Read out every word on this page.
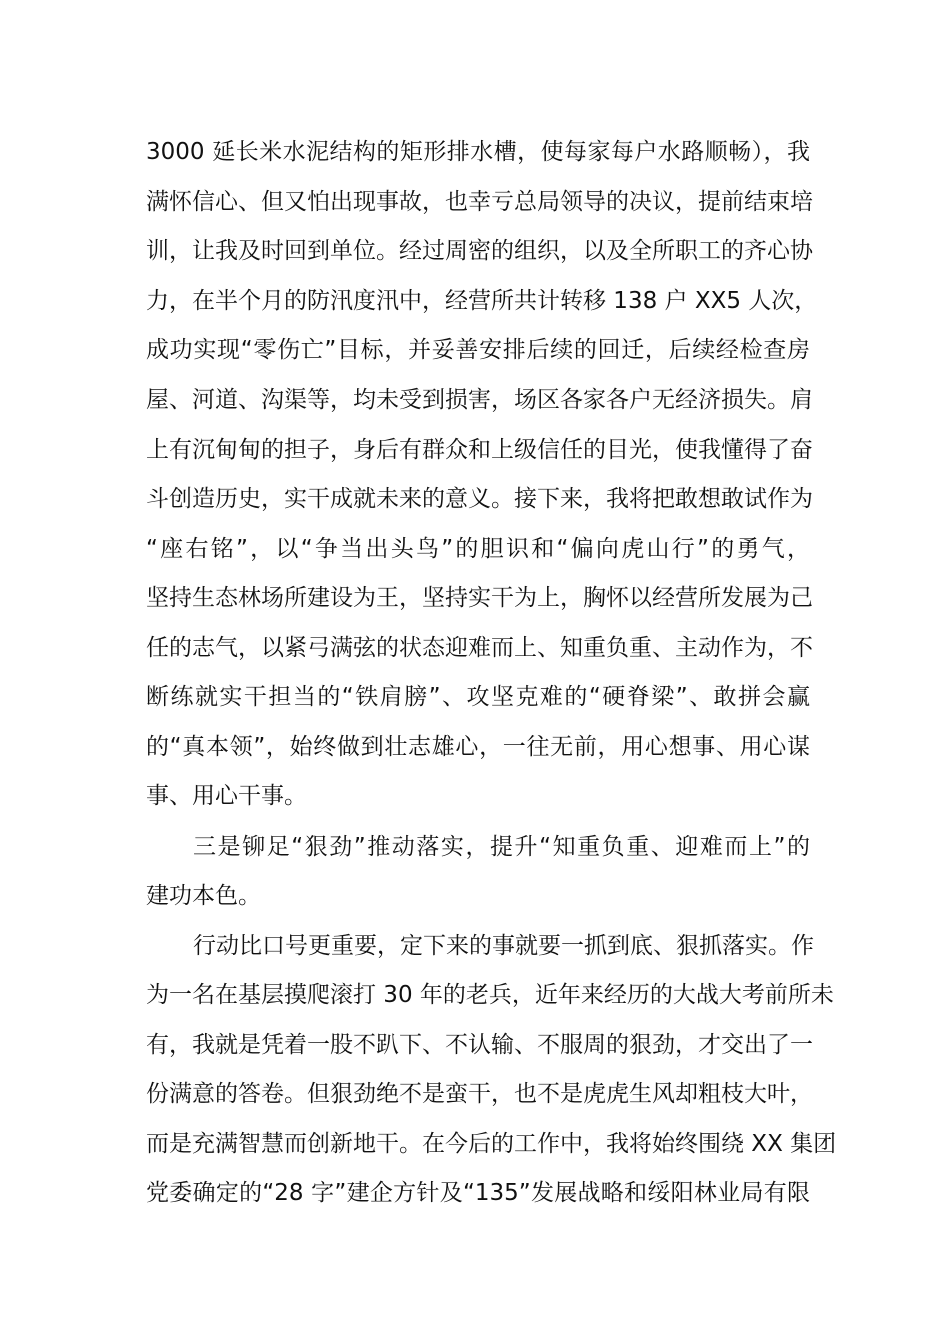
3000 延长米水泥结构的矩形排水槽，使每家每户水路顺畅），我

满怀信心、但又怕出现事故，也幸亏总局领导的决议，提前结束培

训，让我及时回到单位。经过周密的组织，以及全所职工的齐心协

力，在半个月的防汛度汛中，经营所共计转移 138 户 XX5 人次，

成功实现“零伤亡”目标，并妥善安排后续的回迁，后续经检查房

屋、河道、沟渠等，均未受到损害，场区各家各户无经济损失。肩

上有沉甸甸的担子，身后有群众和上级信任的目光，使我懂得了奋

斗创造历史，实干成就未来的意义。接下来，我将把敢想敢试作为

“座右铭”，以“争当出头鸟”的胆识和“偏向虎山行”的勇气，

坚持生态林场所建设为王，坚持实干为上，胸怀以经营所发展为己

任的志气，以紧弓满弦的状态迎难而上、知重负重、主动作为，不

断练就实干担当的“铁肩膀”、攻坚克难的“硬脊梁”、敢拼会赢

的“真本领”，始终做到壮志雄心，一往无前，用心想事、用心谋

事、用心干事。

三是铆足“狠劲”推动落实，提升“知重负重、迎难而上”的

建功本色。

行动比口号更重要，定下来的事就要一抓到底、狠抓落实。作

为一名在基层摸爬滚打 30 年的老兵，近年来经历的大战大考前所未

有，我就是凭着一股不趴下、不认输、不服周的狠劲，才交出了一

份满意的答卷。但狠劲绝不是蛮干，也不是虎虎生风却粗枝大叶，

而是充满智慧而创新地干。在今后的工作中，我将始终围绕 XX 集团

党委确定的“28 字”建企方针及“135”发展战略和绥阳林业局有限
